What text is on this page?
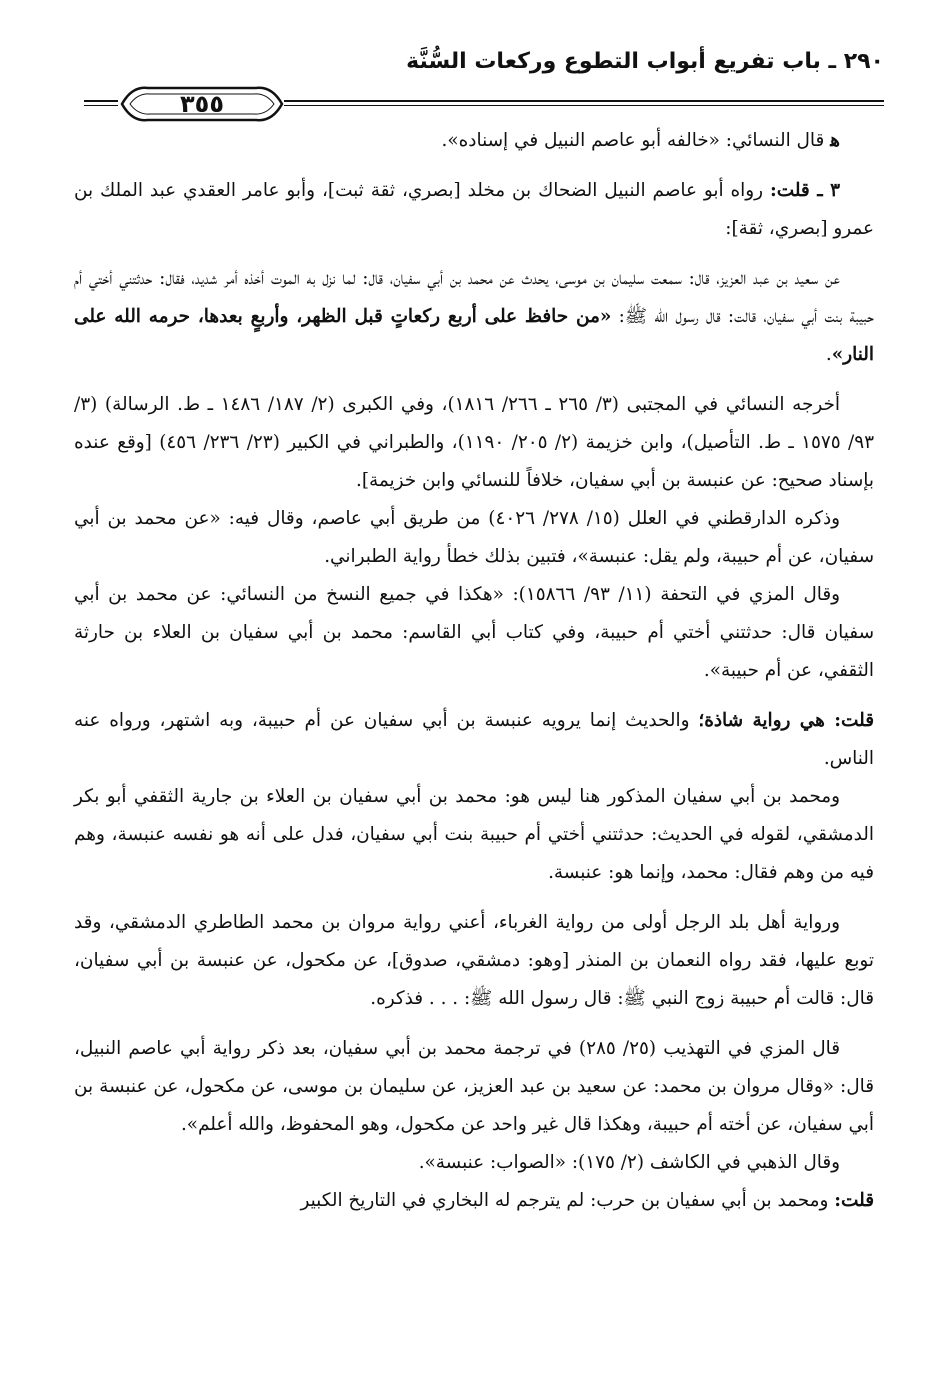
٢٩٠ ـ باب تفريع أبواب التطوع وركعات السُّنَّة
٣٥٥

ﻫقال النسائي: «خالفه أبو عاصم النبيل في إسناده».

٣ ـ قلت: رواه أبو عاصم النبيل الضحاك بن مخلد [بصري، ثقة ثبت]، وأبو عامر العقدي عبد الملك بن عمرو [بصري، ثقة]:

عن سعيد بن عبد العزيز، قال: سمعت سليمان بن موسى، يحدث عن محمد بن أبي سفيان، قال: لما نزل به الموت أخذه أمر شديد، فقال: حدثتني أختي أم حبيبة بنت أبي سفيان، قالت: قال رسول الله ﷺ: «من حافظ على أربع ركعاتٍ قبل الظهر، وأربعٍ بعدها، حرمه الله على النار».

أخرجه النسائي في المجتبى (٣/ ٢٦٥ ـ ٢٦٦/ ١٨١٦)، وفي الكبرى (٢/ ١٨٧/ ١٤٨٦ ـ ط. الرسالة) (٣/ ٩٣/ ١٥٧٥ ـ ط. التأصيل)، وابن خزيمة (٢/ ٢٠٥/ ١١٩٠)، والطبراني في الكبير (٢٣/ ٢٣٦/ ٤٥٦) [وقع عنده بإسناد صحيح: عن عنبسة بن أبي سفيان، خلافاً للنسائي وابن خزيمة].

وذكره الدارقطني في العلل (١٥/ ٢٧٨/ ٤٠٢٦) من طريق أبي عاصم، وقال فيه: «عن محمد بن أبي سفيان، عن أم حبيبة، ولم يقل: عنبسة»، فتبين بذلك خطأ رواية الطبراني.

وقال المزي في التحفة (١١/ ٩٣/ ١٥٨٦٦): «هكذا في جميع النسخ من النسائي: عن محمد بن أبي سفيان قال: حدثتني أختي أم حبيبة، وفي كتاب أبي القاسم: محمد بن أبي سفيان بن العلاء بن حارثة الثقفي، عن أم حبيبة».

قلت: هي رواية شاذة؛ والحديث إنما يرويه عنبسة بن أبي سفيان عن أم حبيبة، وبه اشتهر، ورواه عنه الناس.

ومحمد بن أبي سفيان المذكور هنا ليس هو: محمد بن أبي سفيان بن العلاء بن جارية الثقفي أبو بكر الدمشقي، لقوله في الحديث: حدثتني أختي أم حبيبة بنت أبي سفيان، فدل على أنه هو نفسه عنبسة، وهم فيه من وهم فقال: محمد، وإنما هو: عنبسة.

ورواية أهل بلد الرجل أولى من رواية الغرباء، أعني رواية مروان بن محمد الطاطري الدمشقي، وقد توبع عليها، فقد رواه النعمان بن المنذر [وهو: دمشقي، صدوق]، عن مكحول، عن عنبسة بن أبي سفيان، قال: قالت أم حبيبة زوج النبي ﷺ: قال رسول الله ﷺ: . . . فذكره.

قال المزي في التهذيب (٢٥/ ٢٨٥) في ترجمة محمد بن أبي سفيان، بعد ذكر رواية أبي عاصم النبيل، قال: «وقال مروان بن محمد: عن سعيد بن عبد العزيز، عن سليمان بن موسى، عن مكحول، عن عنبسة بن أبي سفيان، عن أخته أم حبيبة، وهكذا قال غير واحد عن مكحول، وهو المحفوظ، والله أعلم».

وقال الذهبي في الكاشف (٢/ ١٧٥): «الصواب: عنبسة».

قلت: ومحمد بن أبي سفيان بن حرب: لم يترجم له البخاري في التاريخ الكبير
